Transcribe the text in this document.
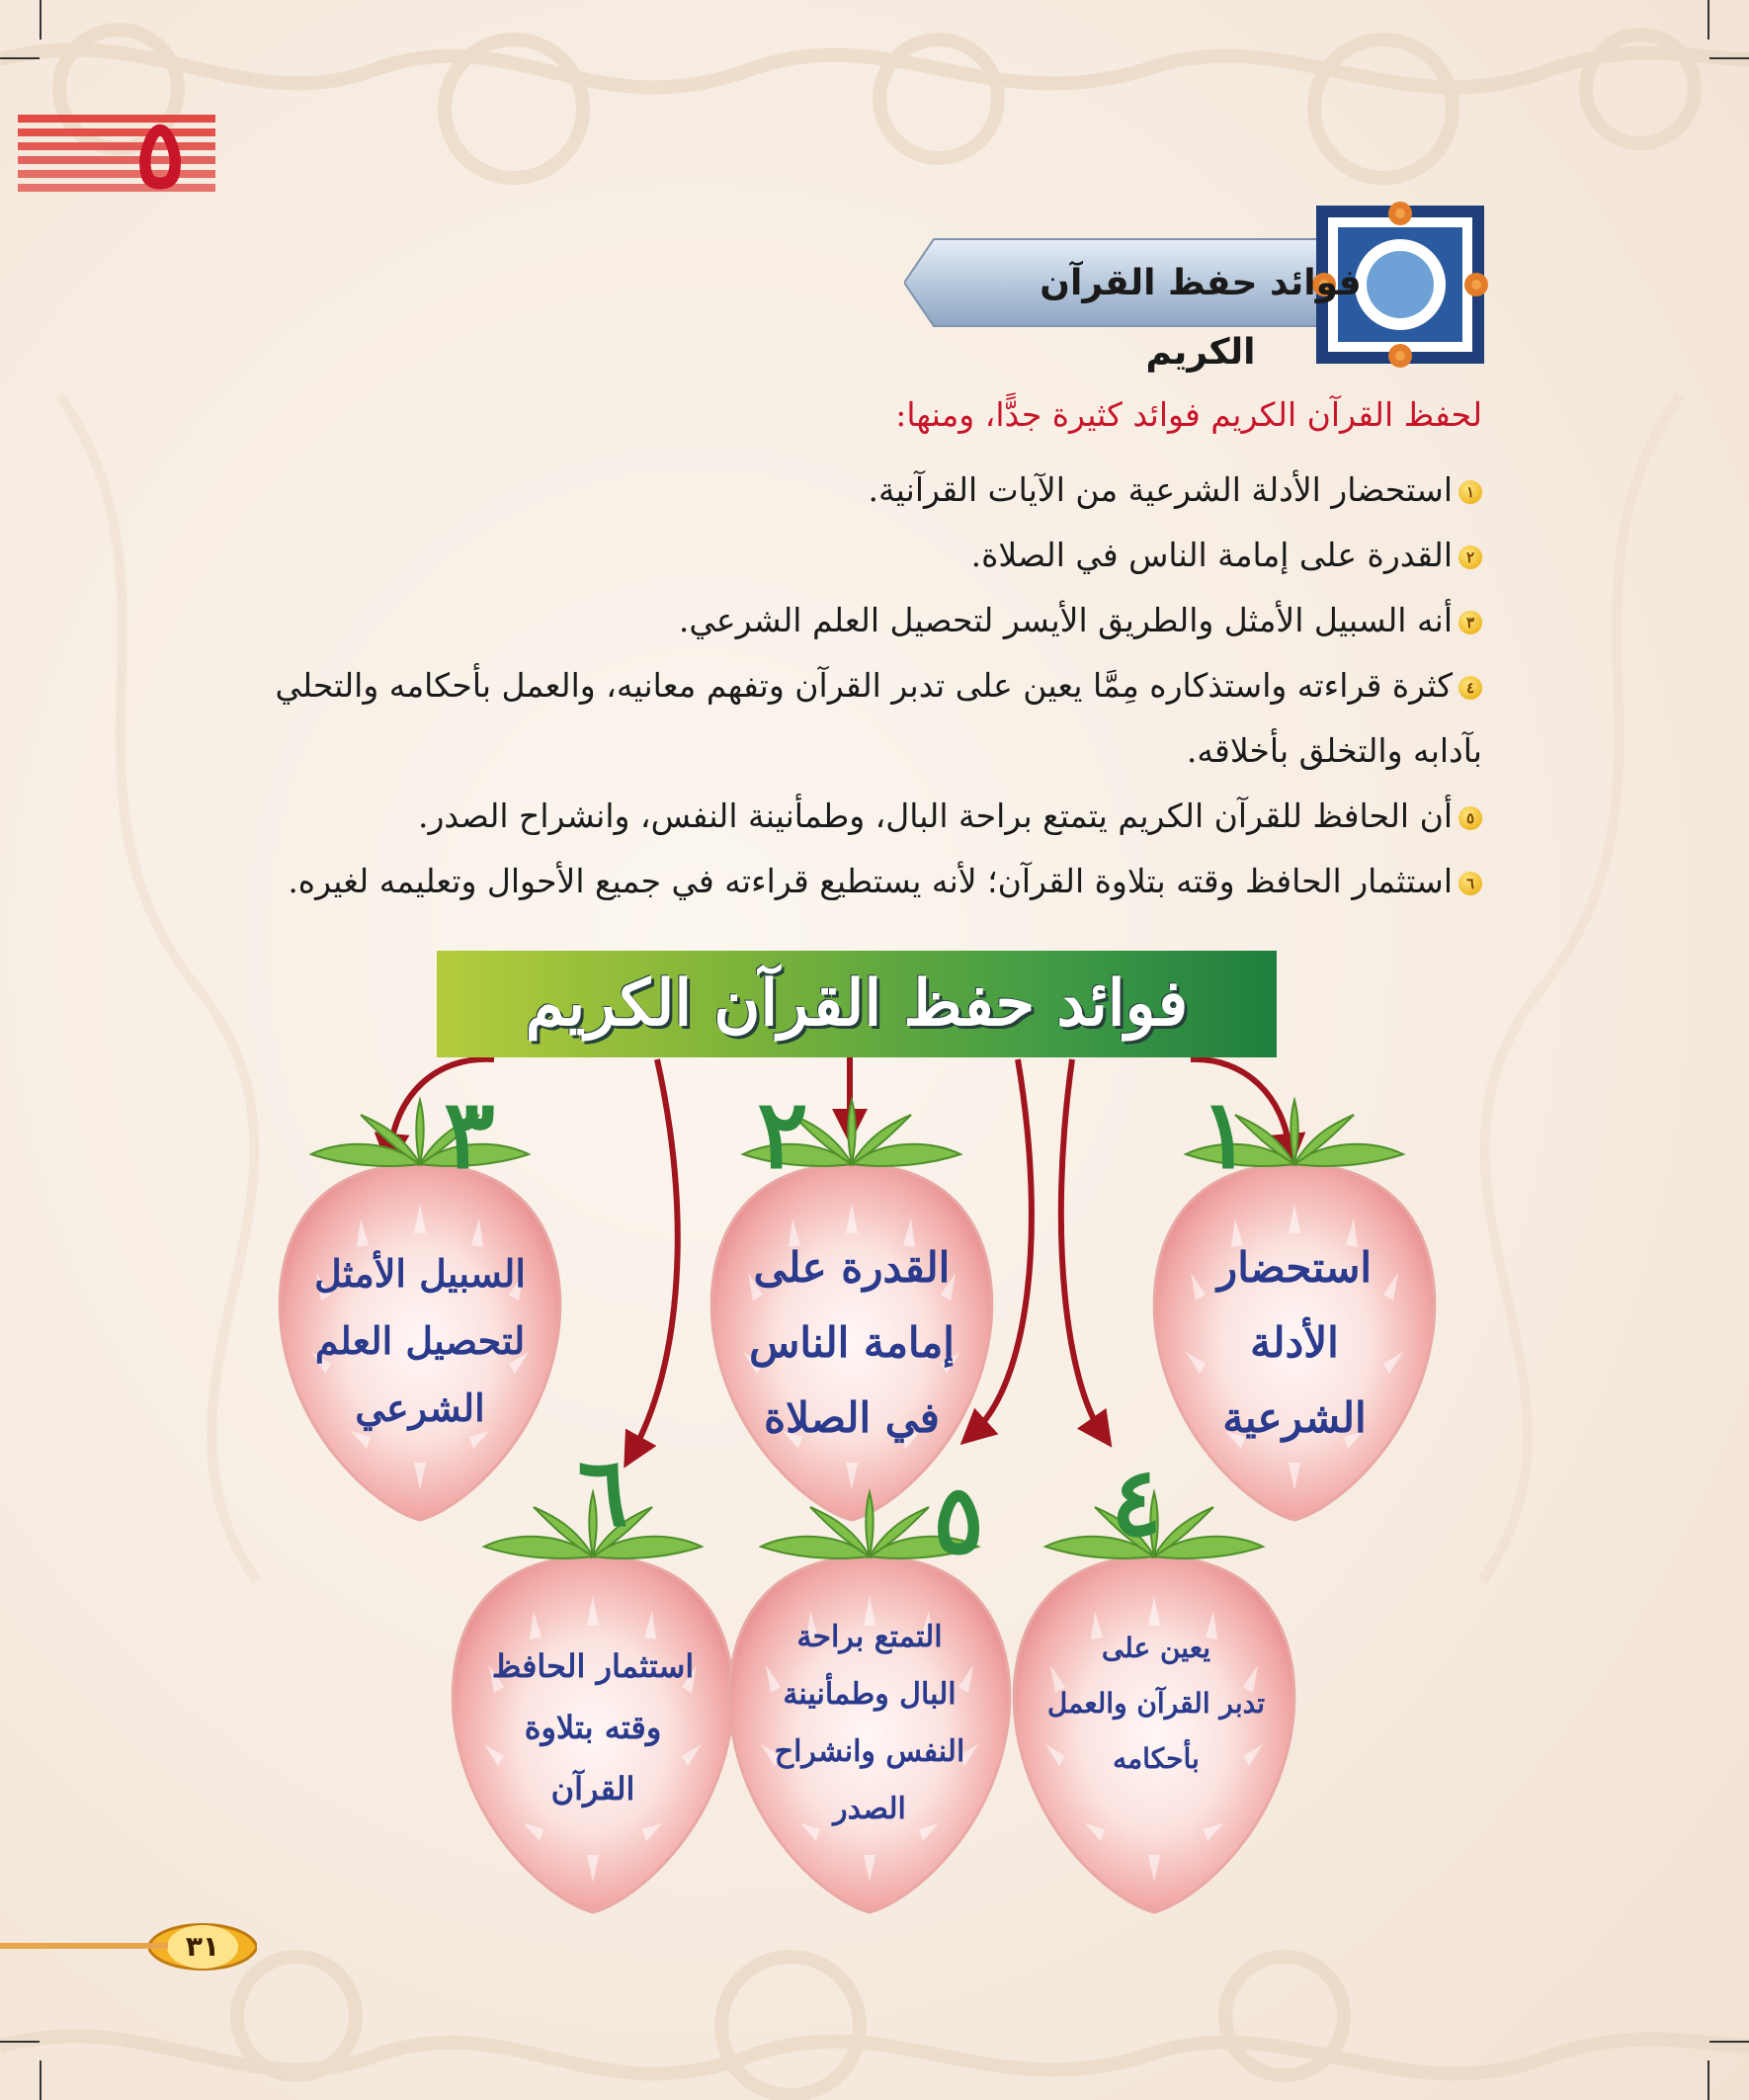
٥
فوائد حفظ القرآن الكريم
لحفظ القرآن الكريم فوائد كثيرة جدًّا، ومنها:
١استحضار الأدلة الشرعية من الآيات القرآنية.
٢القدرة على إمامة الناس في الصلاة.
٣أنه السبيل الأمثل والطريق الأيسر لتحصيل العلم الشرعي.
٤كثرة قراءته واستذكاره مِمَّا يعين على تدبر القرآن وتفهم معانيه، والعمل بأحكامه والتحلي بآدابه والتخلق بأخلاقه.
٥أن الحافظ للقرآن الكريم يتمتع براحة البال، وطمأنينة النفس، وانشراح الصدر.
٦استثمار الحافظ وقته بتلاوة القرآن؛ لأنه يستطيع قراءته في جميع الأحوال وتعليمه لغيره.
فوائد حفظ القرآن الكريم
٣	٢	١
٦	٥ ٤
السبيل الأمثل
لتحصيل العلم
الشرعي
القدرة على
إمامة الناس
في الصلاة
استحضار
الأدلة
الشرعية
استثمار الحافظ
وقته بتلاوة
القرآن
التمتع براحة
البال وطمأنينة
النفس وانشراح
الصدر
يعين على
تدبر القرآن والعمل
بأحكامه
٣١
